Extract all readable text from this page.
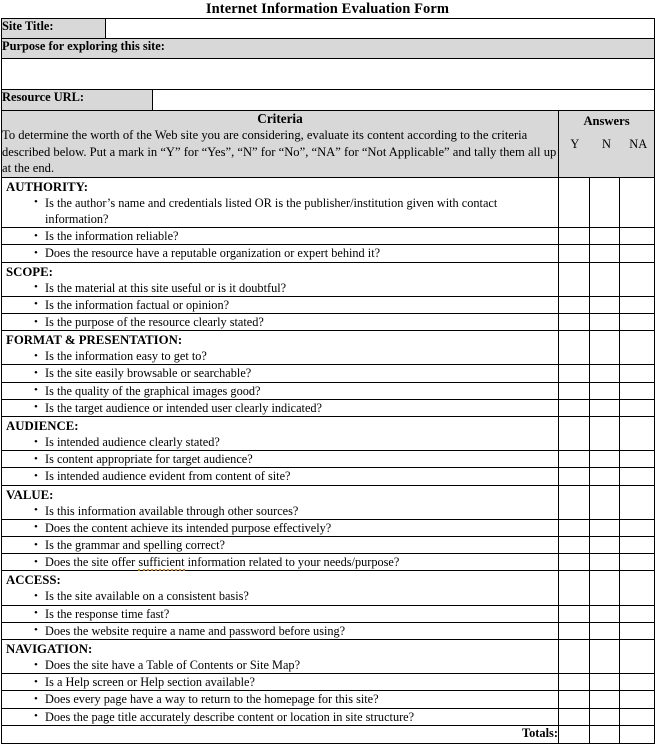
Internet Information Evaluation Form
Site Title:					
Purpose for exploring this site:					

Resource URL:					

Criteria
To determine the worth of the Web site you are considering, evaluate its content according to the criteria described below. Put a mark in “Y” for “Yes”, “N” for “No”, “NA” for “Not Applicable” and tally them all up at the end.

Answers
Y	N	NA

AUTHORITY:
• Is the author’s name and credentials listed OR is the publisher/institution given with contact information?

• Is the information reliable?

• Does the resource have a reputable organization or expert behind it?

SCOPE:
• Is the material at this site useful or is it doubtful?

• Is the information factual or opinion?

• Is the purpose of the resource clearly stated?

FORMAT & PRESENTATION:
• Is the information easy to get to?

• Is the site easily browsable or searchable?

• Is the quality of the graphical images good?

• Is the target audience or intended user clearly indicated?

AUDIENCE:
• Is intended audience clearly stated?

• Is content appropriate for target audience?

• Is intended audience evident from content of site?

VALUE:
• Is this information available through other sources?

• Does the content achieve its intended purpose effectively?

• Is the grammar and spelling correct?

• Does the site offer sufficient information related to your needs/purpose?

ACCESS:
• Is the site available on a consistent basis?

• Is the response time fast?

• Does the website require a name and password before using?

NAVIGATION:
• Does the site have a Table of Contents or Site Map?

• Is a Help screen or Help section available?

• Does every page have a way to return to the homepage for this site?

• Does the page title accurately describe content or location in site structure?

Totals:					
